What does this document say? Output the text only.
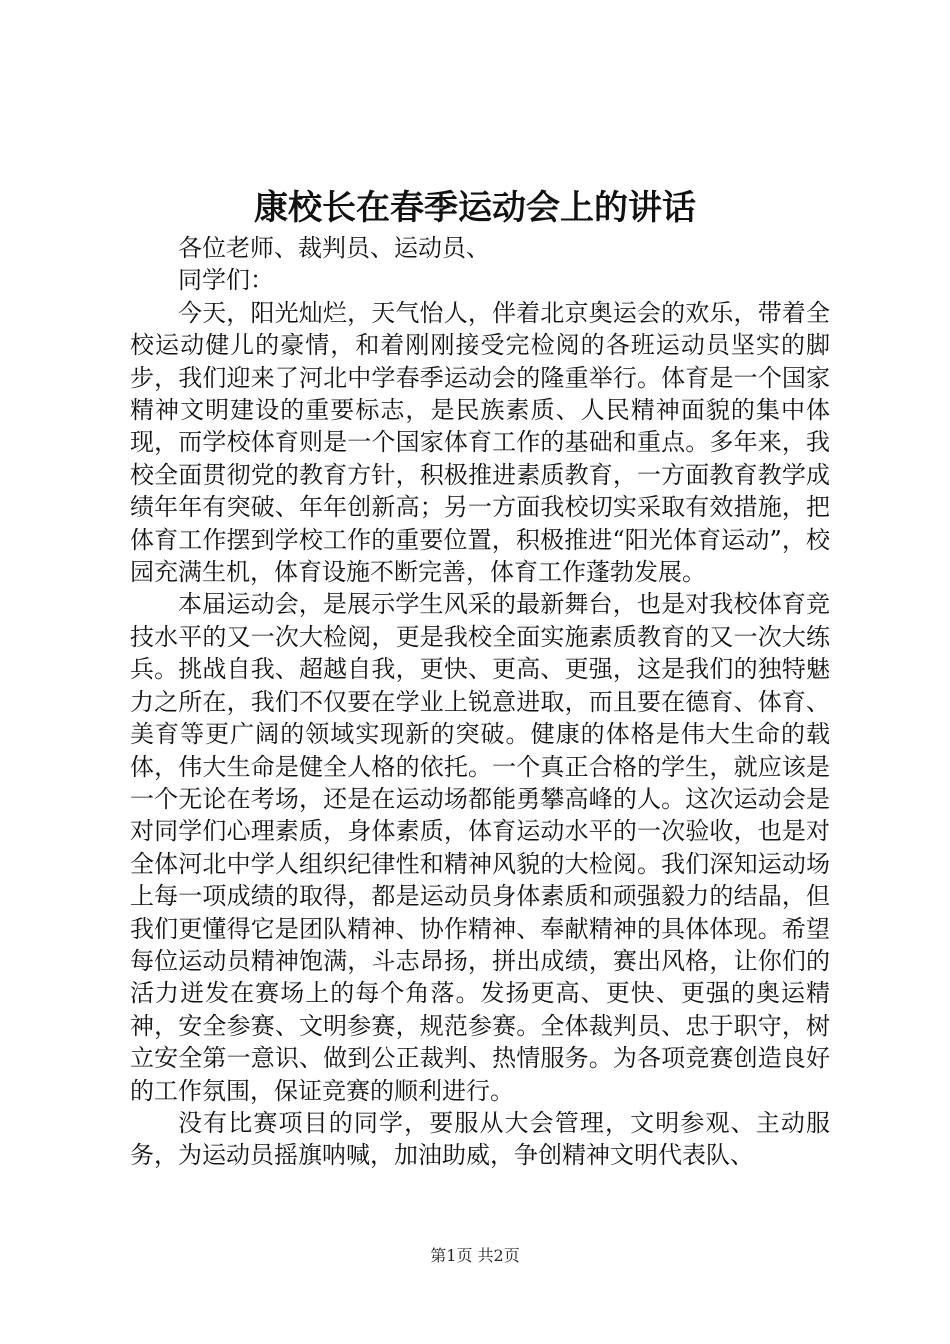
康校长在春季运动会上的讲话

各位老师、裁判员、运动员、

同学们：

今天，阳光灿烂，天气怡人，伴着北京奥运会的欢乐，带着全校运动健儿的豪情，和着刚刚接受完检阅的各班运动员坚实的脚步，我们迎来了河北中学春季运动会的隆重举行。体育是一个国家精神文明建设的重要标志，是民族素质、人民精神面貌的集中体现，而学校体育则是一个国家体育工作的基础和重点。多年来，我校全面贯彻党的教育方针，积极推进素质教育，一方面教育教学成绩年年有突破、年年创新高；另一方面我校切实采取有效措施，把体育工作摆到学校工作的重要位置，积极推进“阳光体育运动”，校园充满生机，体育设施不断完善，体育工作蓬勃发展。

本届运动会，是展示学生风采的最新舞台，也是对我校体育竞技水平的又一次大检阅，更是我校全面实施素质教育的又一次大练兵。挑战自我、超越自我，更快、更高、更强，这是我们的独特魅力之所在，我们不仅要在学业上锐意进取，而且要在德育、体育、美育等更广阔的领域实现新的突破。健康的体格是伟大生命的载体，伟大生命是健全人格的依托。一个真正合格的学生，就应该是一个无论在考场，还是在运动场都能勇攀高峰的人。这次运动会是对同学们心理素质，身体素质，体育运动水平的一次验收，也是对全体河北中学人组织纪律性和精神风貌的大检阅。我们深知运动场上每一项成绩的取得，都是运动员身体素质和顽强毅力的结晶，但我们更懂得它是团队精神、协作精神、奉献精神的具体体现。希望每位运动员精神饱满，斗志昂扬，拼出成绩，赛出风格，让你们的活力迸发在赛场上的每个角落。发扬更高、更快、更强的奥运精神，安全参赛、文明参赛，规范参赛。全体裁判员、忠于职守，树立安全第一意识、做到公正裁判、热情服务。为各项竞赛创造良好的工作氛围，保证竞赛的顺利进行。

没有比赛项目的同学，要服从大会管理，文明参观、主动服务，为运动员摇旗呐喊，加油助威，争创精神文明代表队、

第1页 共2页
